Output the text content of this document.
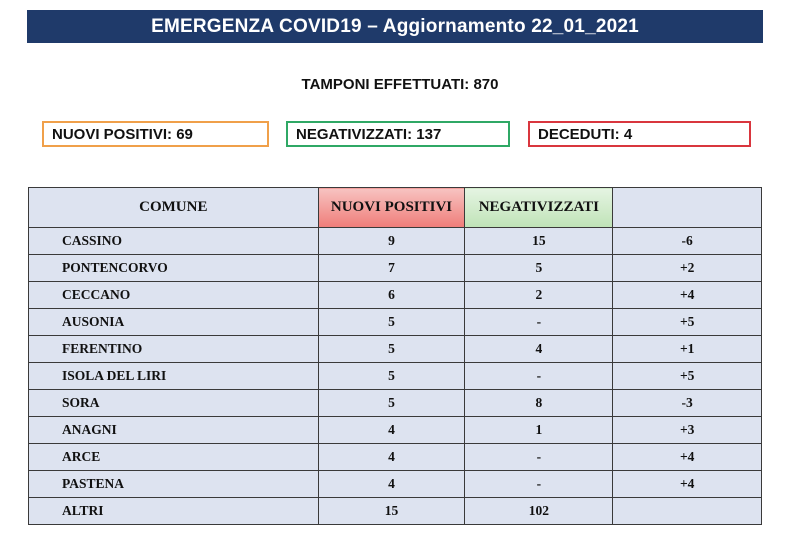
EMERGENZA COVID19 – Aggiornamento 22_01_2021
TAMPONI EFFETTUATI: 870
NUOVI POSITIVI:
69	NEGATIVIZZATI:
137	DECEDUTI:
4
COMUNE	NUOVI POSITIVI	NEGATIVIZZATI	
CASSINO	9	15	-6
PONTENCORVO	7	5	+2
CECCANO	6	2	+4
AUSONIA	5	-	+5
FERENTINO	5	4	+1
ISOLA DEL LIRI	5	-	+5
SORA	5	8	-3
ANAGNI	4	1	+3
ARCE	4	-	+4
PASTENA	4	-	+4
ALTRI	15	102	
